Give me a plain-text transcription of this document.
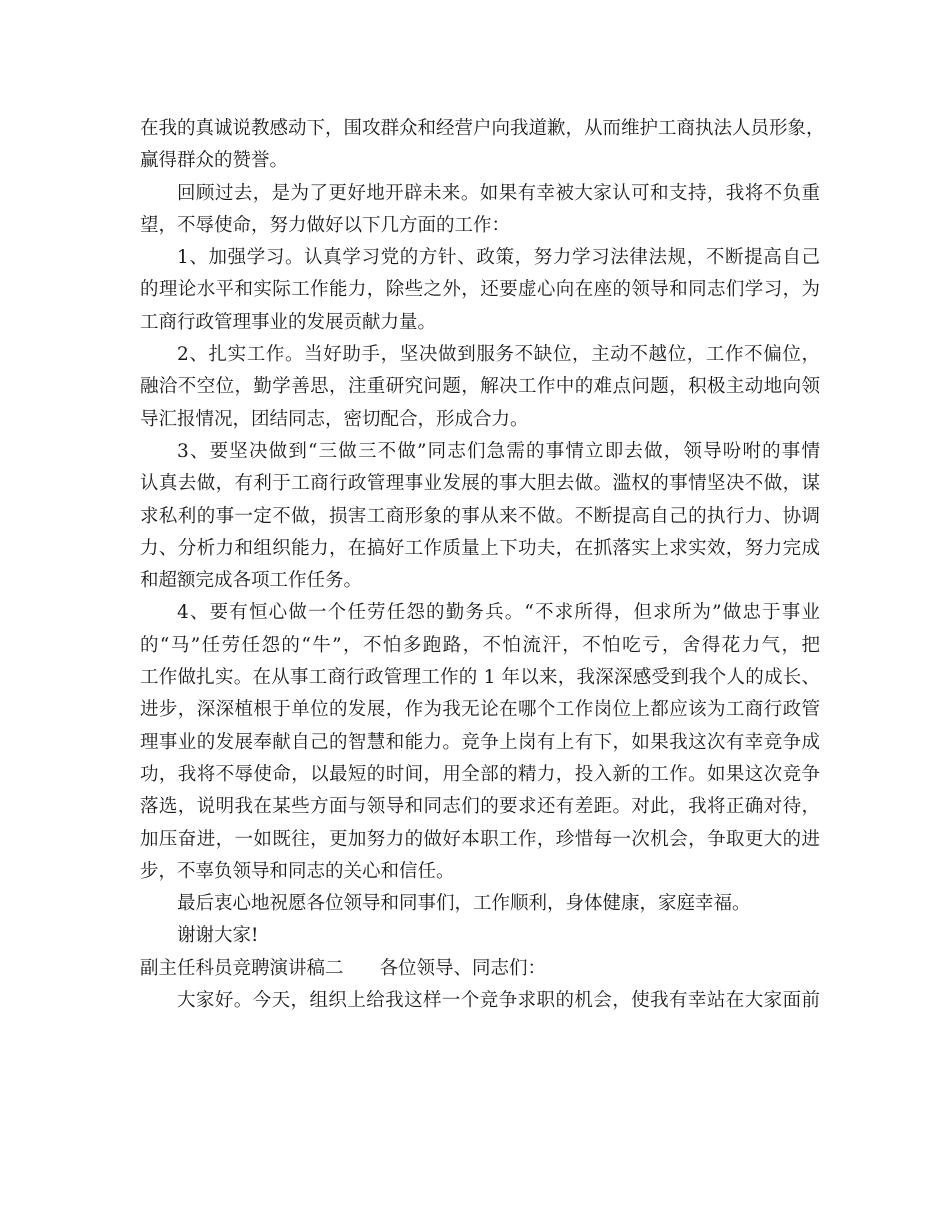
在我的真诚说教感动下，围攻群众和经营户向我道歉，从而维护工商执法人员形象，

赢得群众的赞誉。

回顾过去，是为了更好地开辟未来。如果有幸被大家认可和支持，我将不负重

望，不辱使命，努力做好以下几方面的工作：

1、加强学习。认真学习党的方针、政策，努力学习法律法规，不断提高自己

的理论水平和实际工作能力，除些之外，还要虚心向在座的领导和同志们学习，为

工商行政管理事业的发展贡献力量。

2、扎实工作。当好助手，坚决做到服务不缺位，主动不越位，工作不偏位，

融洽不空位，勤学善思，注重研究问题，解决工作中的难点问题，积极主动地向领

导汇报情况，团结同志，密切配合，形成合力。

3、要坚决做到“三做三不做”同志们急需的事情立即去做，领导吩咐的事情

认真去做，有利于工商行政管理事业发展的事大胆去做。滥权的事情坚决不做，谋

求私利的事一定不做，损害工商形象的事从来不做。不断提高自己的执行力、协调

力、分析力和组织能力，在搞好工作质量上下功夫，在抓落实上求实效，努力完成

和超额完成各项工作任务。

4、要有恒心做一个任劳任怨的勤务兵。“不求所得，但求所为”做忠于事业

的“马”任劳任怨的“牛”，不怕多跑路，不怕流汗，不怕吃亏，舍得花力气，把

工作做扎实。在从事工商行政管理工作的 1 年以来，我深深感受到我个人的成长、

进步，深深植根于单位的发展，作为我无论在哪个工作岗位上都应该为工商行政管

理事业的发展奉献自己的智慧和能力。竞争上岗有上有下，如果我这次有幸竞争成

功，我将不辱使命，以最短的时间，用全部的精力，投入新的工作。如果这次竞争

落选，说明我在某些方面与领导和同志们的要求还有差距。对此，我将正确对待，

加压奋进，一如既往，更加努力的做好本职工作，珍惜每一次机会，争取更大的进

步，不辜负领导和同志的关心和信任。

最后衷心地祝愿各位领导和同事们，工作顺利，身体健康，家庭幸福。

谢谢大家!

副主任科员竞聘演讲稿二 各位领导、同志们：

大家好。今天，组织上给我这样一个竞争求职的机会，使我有幸站在大家面前
